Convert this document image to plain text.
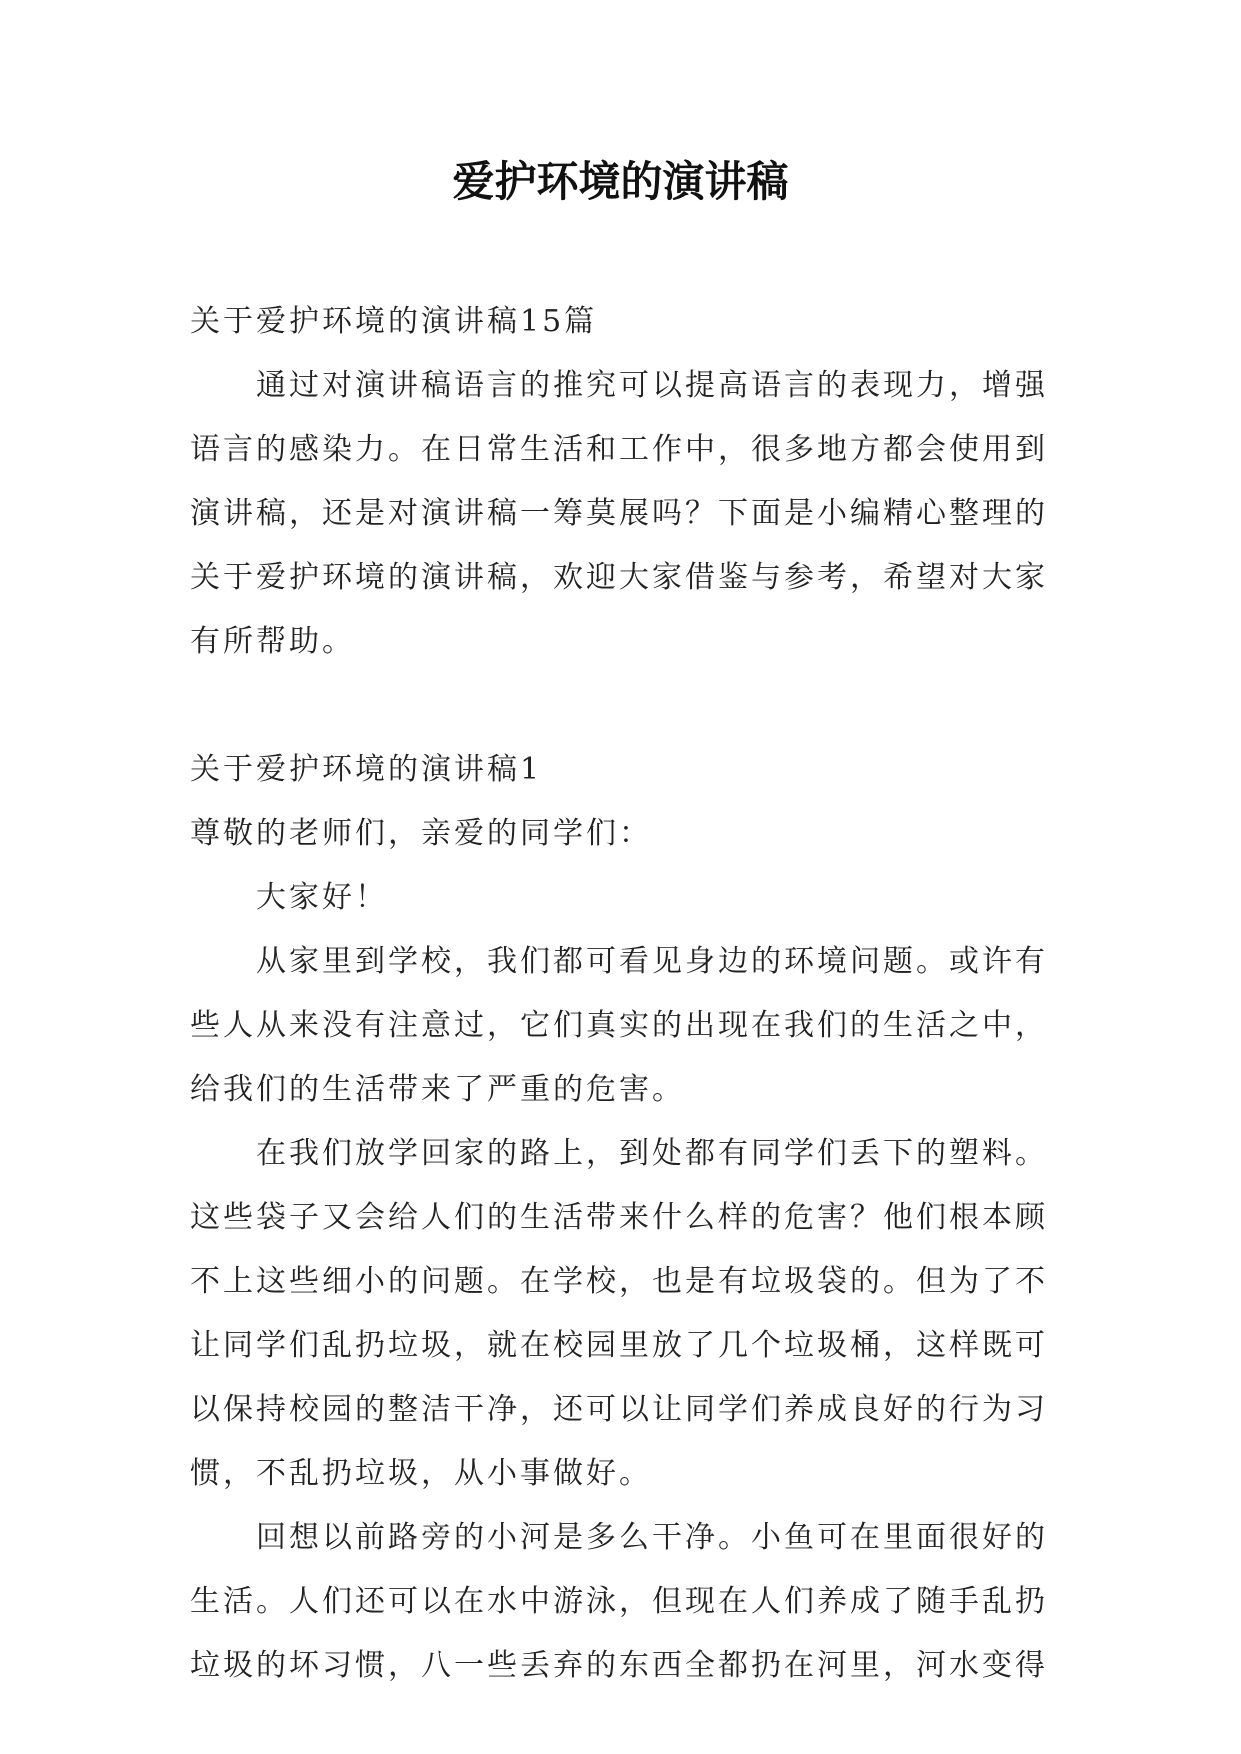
爱护环境的演讲稿

关于爱护环境的演讲稿15篇

通过对演讲稿语言的推究可以提高语言的表现力，增强语言的感染力。在日常生活和工作中，很多地方都会使用到演讲稿，还是对演讲稿一筹莫展吗？下面是小编精心整理的关于爱护环境的演讲稿，欢迎大家借鉴与参考，希望对大家有所帮助。

关于爱护环境的演讲稿1

尊敬的老师们，亲爱的同学们：

大家好！

从家里到学校，我们都可看见身边的环境问题。或许有些人从来没有注意过，它们真实的出现在我们的生活之中，给我们的生活带来了严重的危害。

在我们放学回家的路上，到处都有同学们丢下的塑料。这些袋子又会给人们的生活带来什么样的危害？他们根本顾不上这些细小的问题。在学校，也是有垃圾袋的。但为了不让同学们乱扔垃圾，就在校园里放了几个垃圾桶，这样既可以保持校园的整洁干净，还可以让同学们养成良好的行为习惯，不乱扔垃圾，从小事做好。

回想以前路旁的小河是多么干净。小鱼可在里面很好的生活。人们还可以在水中游泳，但现在人们养成了随手乱扔垃圾的坏习惯，八一些丢弃的东西全都扔在河里，河水变得
